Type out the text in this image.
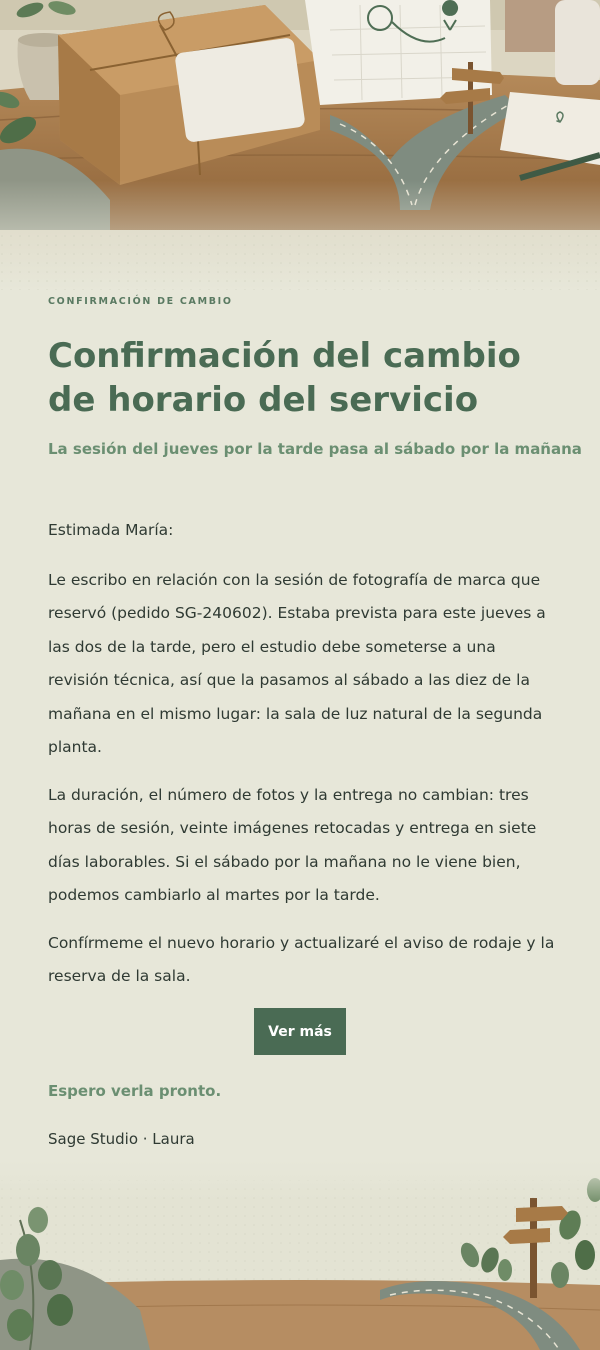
CONFIRMACIÓN DE CAMBIO
Confirmación del cambio de horario del servicio
La sesión del jueves por la tarde pasa al sábado por la mañana

Estimada María:

Le escribo en relación con la sesión de fotografía de marca que reservó (pedido SG-240602). Estaba prevista para este jueves a las dos de la tarde, pero el estudio debe someterse a una revisión técnica, así que la pasamos al sábado a las diez de la mañana en el mismo lugar: la sala de luz natural de la segunda planta.

La duración, el número de fotos y la entrega no cambian: tres horas de sesión, veinte imágenes retocadas y entrega en siete días laborables. Si el sábado por la mañana no le viene bien, podemos cambiarlo al martes por la tarde.

Confírmeme el nuevo horario y actualizaré el aviso de rodaje y la reserva de la sala.

Ver más
Espero verla pronto.
Sage Studio · Laura
